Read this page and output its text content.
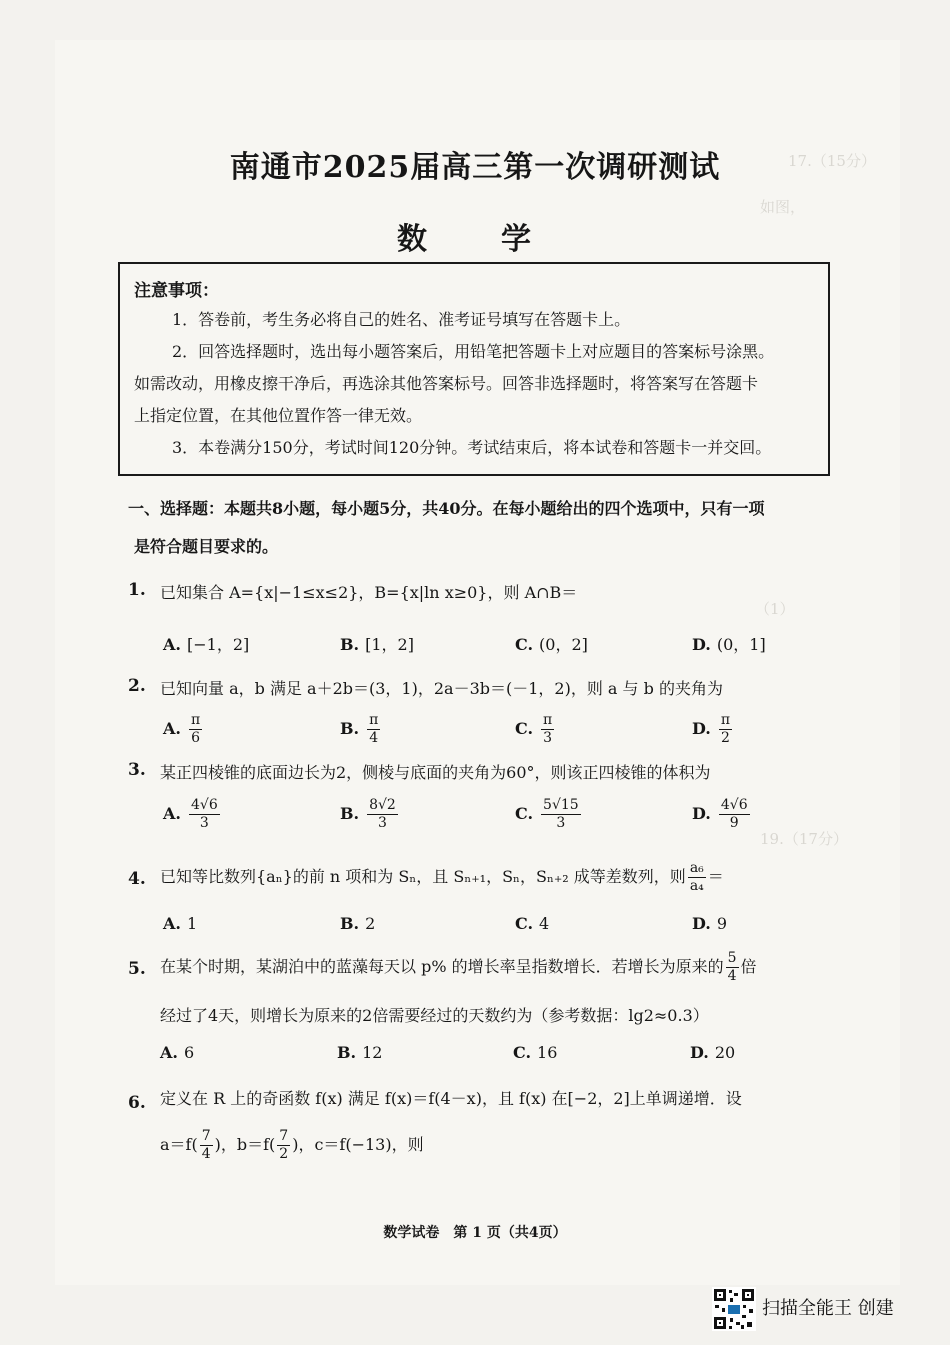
17.（15分）
如图，
（1）
19.（17分）
南通市2025届高三第一次调研测试
数　学

注意事项：

1．答卷前，考生务必将自己的姓名、准考证号填写在答题卡上。

2．回答选择题时，选出每小题答案后，用铅笔把答题卡上对应题目的答案标号涂黑。

如需改动，用橡皮擦干净后，再选涂其他答案标号。回答非选择题时，将答案写在答题卡

上指定位置，在其他位置作答一律无效。

3．本卷满分150分，考试时间120分钟。考试结束后，将本试卷和答题卡一并交回。

一、选择题：本题共8小题，每小题5分，共40分。在每小题给出的四个选项中，只有一项
是符合题目要求的。
1. 已知集合 A={x|−1≤x≤2}，B={x|ln x≥0}，则 A∩B＝
A. [−1，2]	B. [1，2]	C. (0，2]	D. (0，1]
2. 已知向量 a，b 满足 a＋2b＝(3，1)，2a－3b＝(－1，2)，则 a 与 b 的夹角为
A. $\frac{\pi}{6}$	B. $\frac{\pi}{4}$	C. $\frac{\pi}{3}$	D. $\frac{\pi}{2}$
3. 某正四棱锥的底面边长为2，侧棱与底面的夹角为60°，则该正四棱锥的体积为
A. $\frac{4√6}{3}$	B. $\frac{8√2}{3}$	C. $\frac{5√15}{3}$	D. $\frac{4√6}{9}$
4. 已知等比数列{aₙ}的前 n 项和为 Sₙ，且 Sₙ₊₁，Sₙ，Sₙ₊₂ 成等差数列，则 $\frac{\text{a₆}}{\text{a₄}}$ ＝
A. 1	B. 2	C. 4	D. 9
5. 在某个时期，某湖泊中的蓝藻每天以 p% 的增长率呈指数增长．若增长为原来的 $\frac{5}{4}$ 倍
经过了4天，则增长为原来的2倍需要经过的天数约为（参考数据：lg2≈0.3）
A. 6	B. 12	C. 16	D. 20
6. 定义在 R 上的奇函数 f(x) 满足 f(x)＝f(4－x)，且 f(x) 在[−2，2]上单调递增．设
$a=f( \frac{7}{4}$ )，$b=f( \frac{7}{2}$ )，c＝f(−13)，则
数学试卷　第 1 页（共4页）
扫描全能王 创建
